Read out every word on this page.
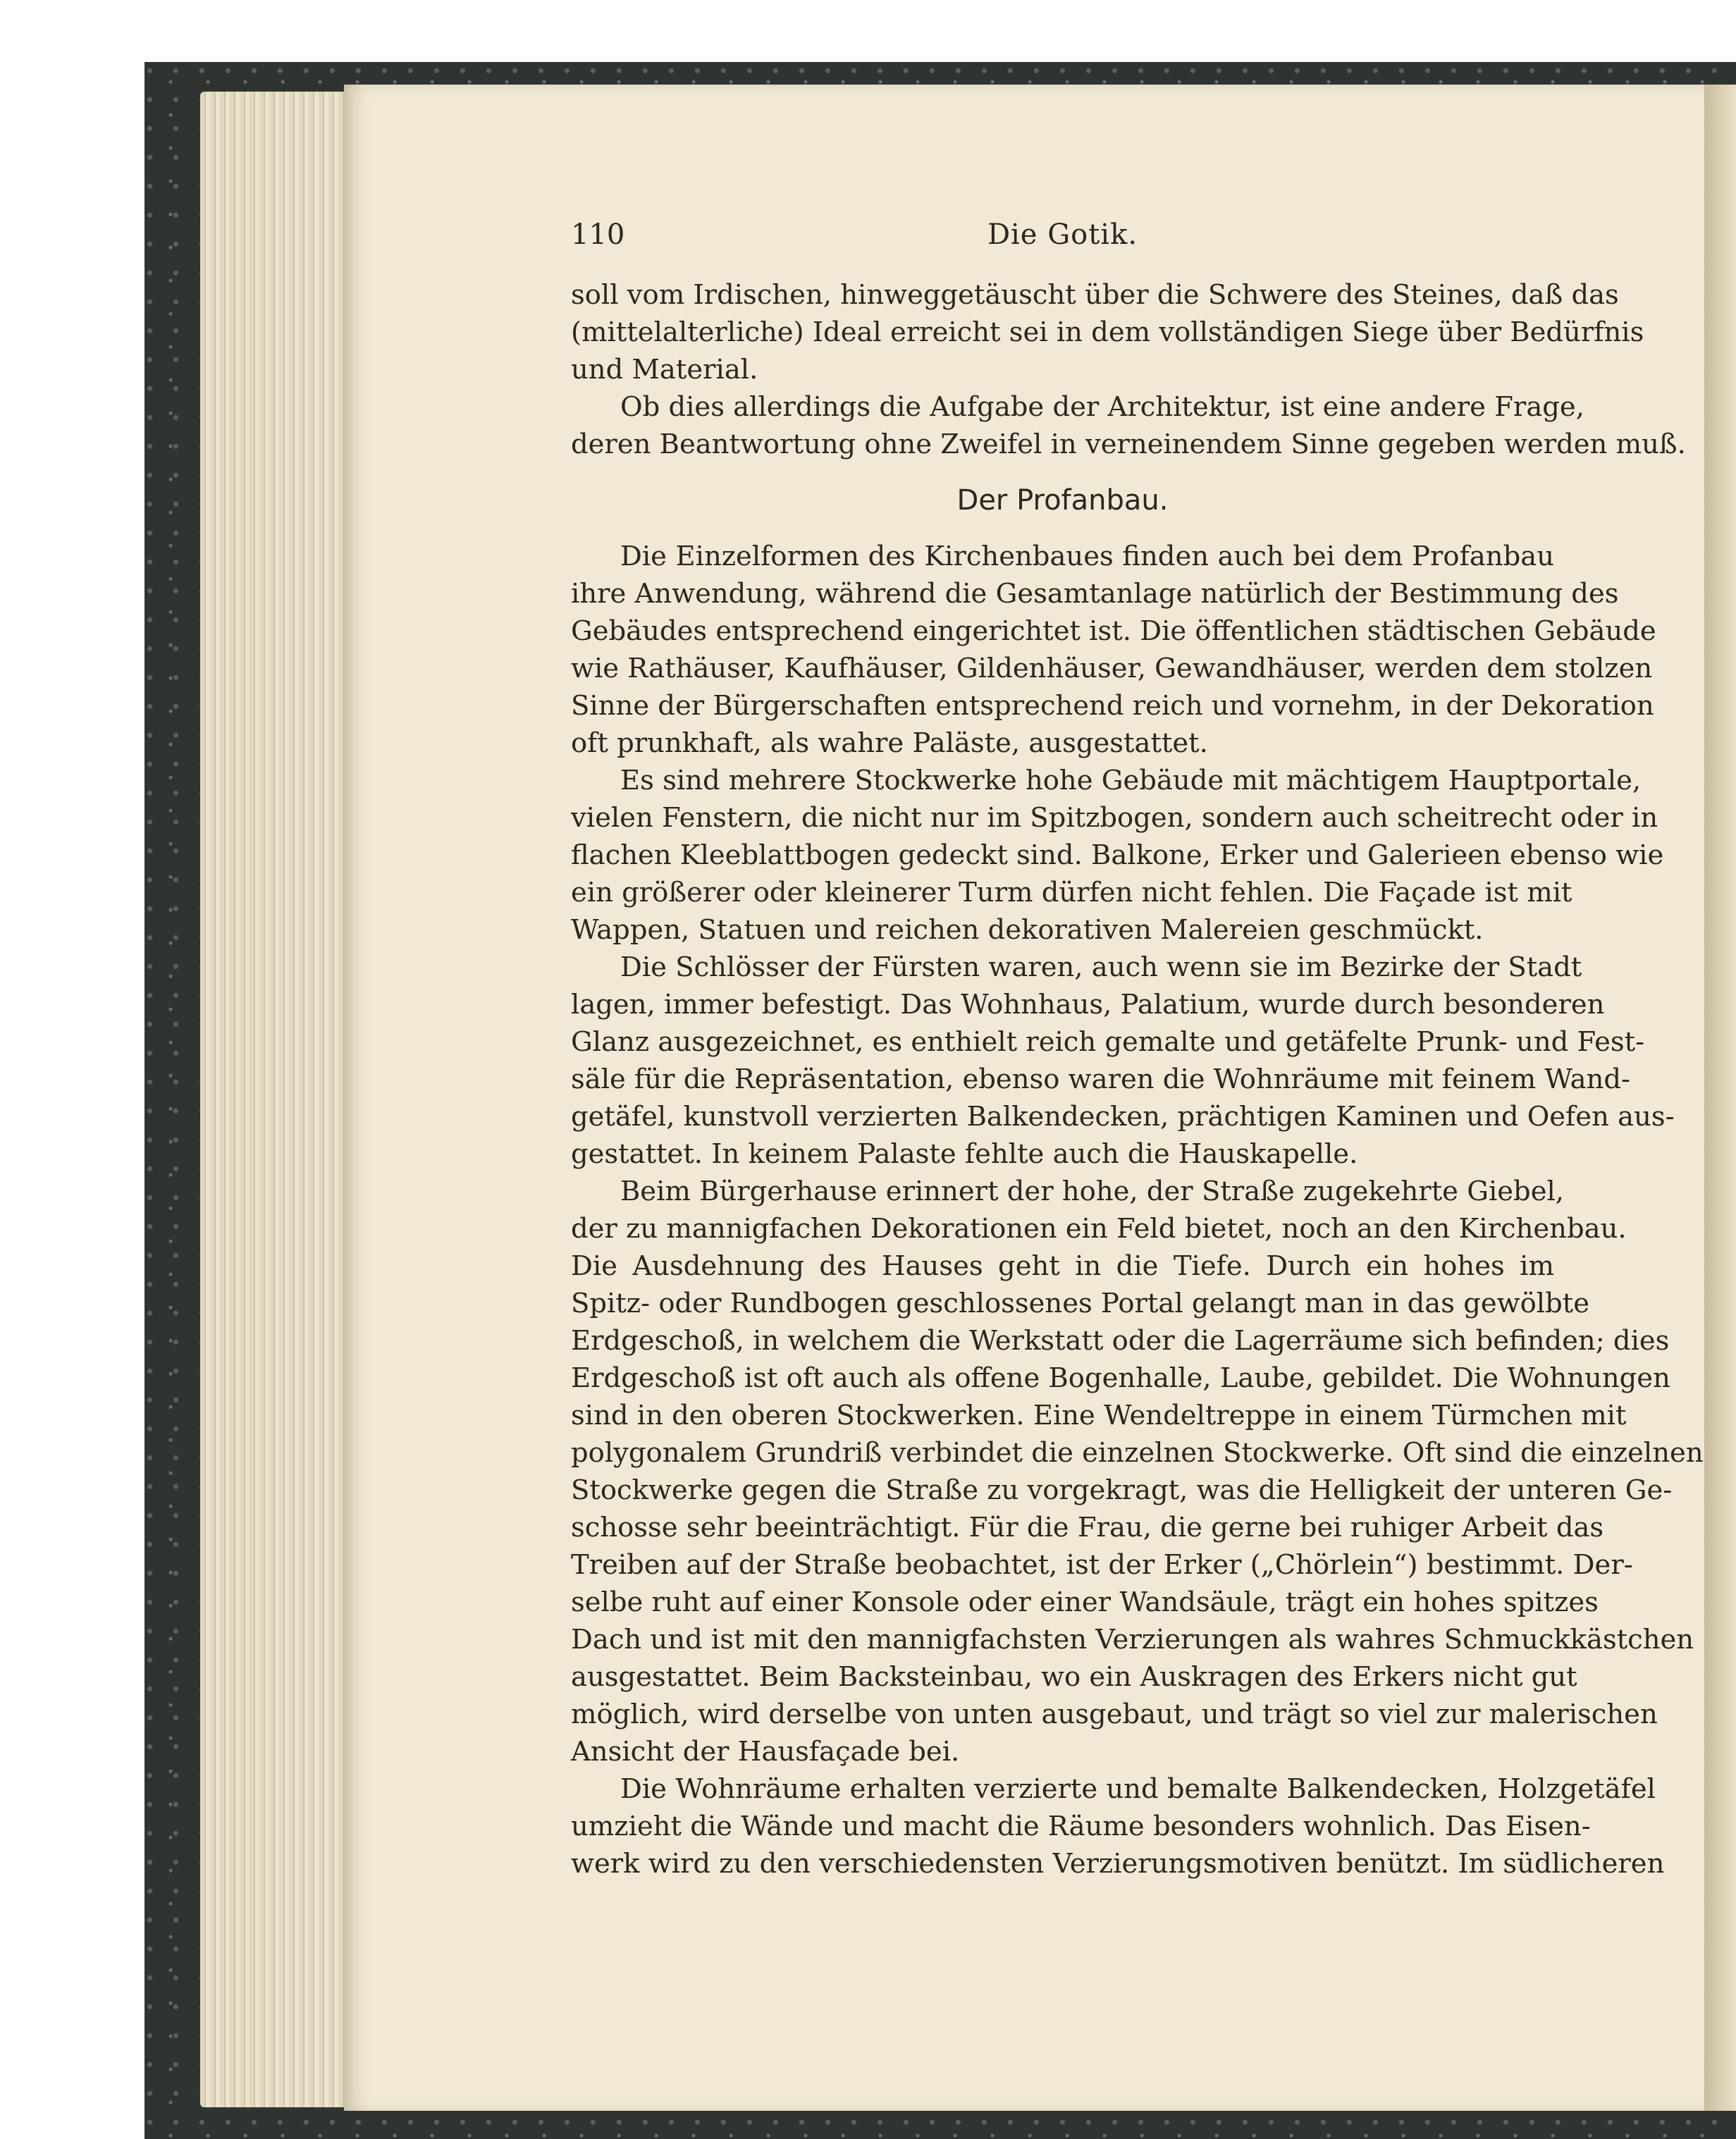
110	Die Gotik.
soll vom Irdischen, hinweggetäuscht über die Schwere des Steines, daß das
(mittelalterliche) Ideal erreicht sei in dem vollständigen Siege über Bedürfnis
und Material.
Ob dies allerdings die Aufgabe der Architektur, ist eine andere Frage,
deren Beantwortung ohne Zweifel in verneinendem Sinne gegeben werden muß.
Der Profanbau.
Die Einzelformen des Kirchenbaues finden auch bei dem Profanbau
ihre Anwendung, während die Gesamtanlage natürlich der Bestimmung des
Gebäudes entsprechend eingerichtet ist. Die öffentlichen städtischen Gebäude
wie Rathäuser, Kaufhäuser, Gildenhäuser, Gewandhäuser, werden dem stolzen
Sinne der Bürgerschaften entsprechend reich und vornehm, in der Dekoration
oft prunkhaft, als wahre Paläste, ausgestattet.
Es sind mehrere Stockwerke hohe Gebäude mit mächtigem Hauptportale,
vielen Fenstern, die nicht nur im Spitzbogen, sondern auch scheitrecht oder in
flachen Kleeblattbogen gedeckt sind. Balkone, Erker und Galerieen ebenso wie
ein größerer oder kleinerer Turm dürfen nicht fehlen. Die Façade ist mit
Wappen, Statuen und reichen dekorativen Malereien geschmückt.
Die Schlösser der Fürsten waren, auch wenn sie im Bezirke der Stadt
lagen, immer befestigt. Das Wohnhaus, Palatium, wurde durch besonderen
Glanz ausgezeichnet, es enthielt reich gemalte und getäfelte Prunk- und Fest-
säle für die Repräsentation, ebenso waren die Wohnräume mit feinem Wand-
getäfel, kunstvoll verzierten Balkendecken, prächtigen Kaminen und Oefen aus-
gestattet. In keinem Palaste fehlte auch die Hauskapelle.
Beim Bürgerhause erinnert der hohe, der Straße zugekehrte Giebel,
der zu mannigfachen Dekorationen ein Feld bietet, noch an den Kirchenbau.
Die Ausdehnung des Hauses geht in die Tiefe. Durch ein hohes im
Spitz- oder Rundbogen geschlossenes Portal gelangt man in das gewölbte
Erdgeschoß, in welchem die Werkstatt oder die Lagerräume sich befinden; dies
Erdgeschoß ist oft auch als offene Bogenhalle, Laube, gebildet. Die Wohnungen
sind in den oberen Stockwerken. Eine Wendeltreppe in einem Türmchen mit
polygonalem Grundriß verbindet die einzelnen Stockwerke. Oft sind die einzelnen
Stockwerke gegen die Straße zu vorgekragt, was die Helligkeit der unteren Ge-
schosse sehr beeinträchtigt. Für die Frau, die gerne bei ruhiger Arbeit das
Treiben auf der Straße beobachtet, ist der Erker („Chörlein“) bestimmt. Der-
selbe ruht auf einer Konsole oder einer Wandsäule, trägt ein hohes spitzes
Dach und ist mit den mannigfachsten Verzierungen als wahres Schmuckkästchen
ausgestattet. Beim Backsteinbau, wo ein Auskragen des Erkers nicht gut
möglich, wird derselbe von unten ausgebaut, und trägt so viel zur malerischen
Ansicht der Hausfaçade bei.
Die Wohnräume erhalten verzierte und bemalte Balkendecken, Holzgetäfel
umzieht die Wände und macht die Räume besonders wohnlich. Das Eisen-
werk wird zu den verschiedensten Verzierungsmotiven benützt. Im südlicheren
